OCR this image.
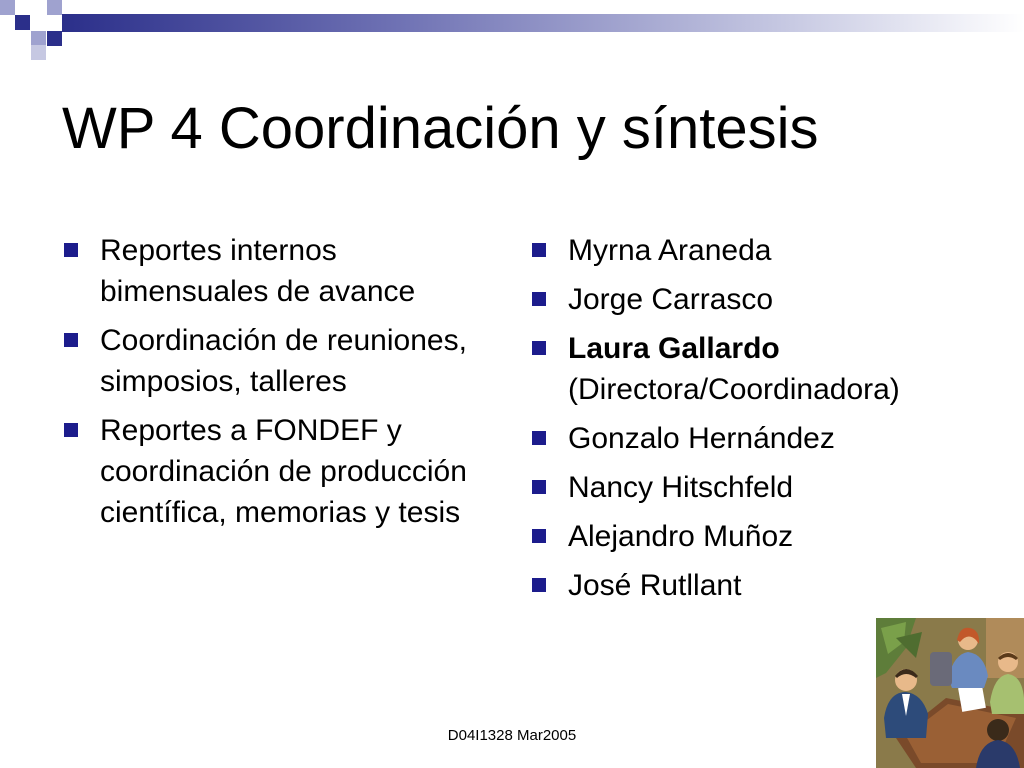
WP 4 Coordinación y síntesis
Reportes internos bimensuales de avance
Coordinación de reuniones, simposios, talleres
Reportes a FONDEF y coordinación de producción científica, memorias y tesis
Myrna Araneda
Jorge Carrasco
Laura Gallardo
(Directora/Coordinadora)
Gonzalo Hernández
Nancy Hitschfeld
Alejandro Muñoz
José Rutllant
D04I1328 Mar2005
